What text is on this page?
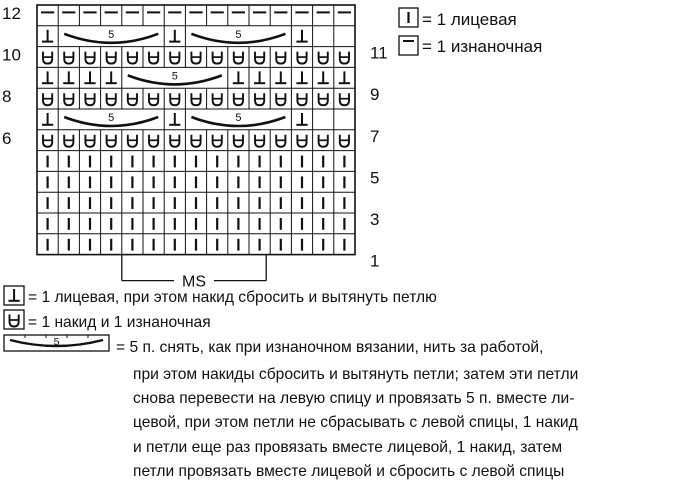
5	5
5
5	5
12
11
10
9
8
7
6
5
3
1
MS
5
= 1 лицевая
= 1 изнаночная
= 1 лицевая, при этом накид сбросить и вытянуть петлю
= 1 накид и 1 изнаночная
= 5 п. снять, как при изнаночном вязании, нить за работой,
при этом накиды сбросить и вытянуть петли; затем эти петли
снова перевести на левую спицу и провязать 5 п. вместе ли-
цевой, при этом петли не сбрасывать с левой спицы, 1 накид
и петли еще раз провязать вместе лицевой, 1 накид, затем
петли провязать вместе лицевой и сбросить с левой спицы
